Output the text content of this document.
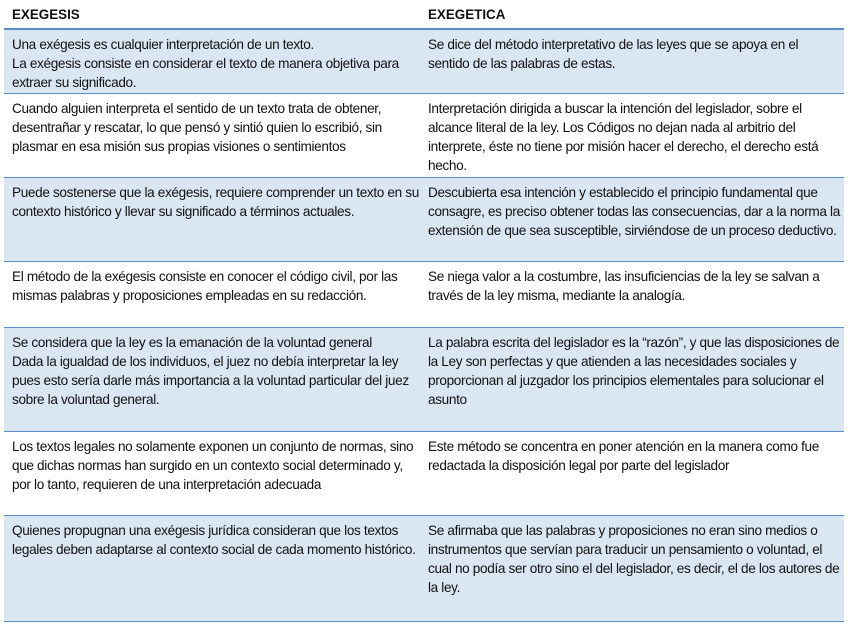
EXEGESIS	EXEGETICA
Una exégesis es cualquier interpretación de un texto.
La exégesis consiste en considerar el texto de manera objetiva para extraer su significado.
Se dice del método interpretativo de las leyes que se apoya en el sentido de las palabras de estas.
Cuando alguien interpreta el sentido de un texto trata de obtener, desentrañar y rescatar, lo que pensó y sintió quien lo escribió, sin plasmar en esa misión sus propias visiones o sentimientos
Interpretación dirigida a buscar la intención del legislador, sobre el alcance literal de la ley. Los Códigos no dejan nada al arbitrio del interprete, éste no tiene por misión hacer el derecho, el derecho está hecho.
Puede sostenerse que la exégesis, requiere comprender un texto en su contexto histórico y llevar su significado a términos actuales.
Descubierta esa intención y establecido el principio fundamental que consagre, es preciso obtener todas las consecuencias, dar a la norma la extensión de que sea susceptible, sirviéndose de un proceso deductivo.
El método de la exégesis consiste en conocer el código civil, por las mismas palabras y proposiciones empleadas en su redacción.
Se niega valor a la costumbre, las insuficiencias de la ley se salvan a través de la ley misma, mediante la analogía.
Se considera que la ley es la emanación de la voluntad general
Dada la igualdad de los individuos, el juez no debía interpretar la ley pues esto sería darle más importancia a la voluntad particular del juez sobre la voluntad general.
La palabra escrita del legislador es la “razón”, y que las disposiciones de la Ley son perfectas y que atienden a las necesidades sociales y proporcionan al juzgador los principios elementales para solucionar el asunto
Los textos legales no solamente exponen un conjunto de normas, sino que dichas normas han surgido en un contexto social determinado y, por lo tanto, requieren de una interpretación adecuada
Este método se concentra en poner atención en la manera como fue redactada la disposición legal por parte del legislador
Quienes propugnan una exégesis jurídica consideran que los textos legales deben adaptarse al contexto social de cada momento histórico.
Se afirmaba que las palabras y proposiciones no eran sino medios o instrumentos que servían para traducir un pensamiento o voluntad, el cual no podía ser otro sino el del legislador, es decir, el de los autores de la ley.
